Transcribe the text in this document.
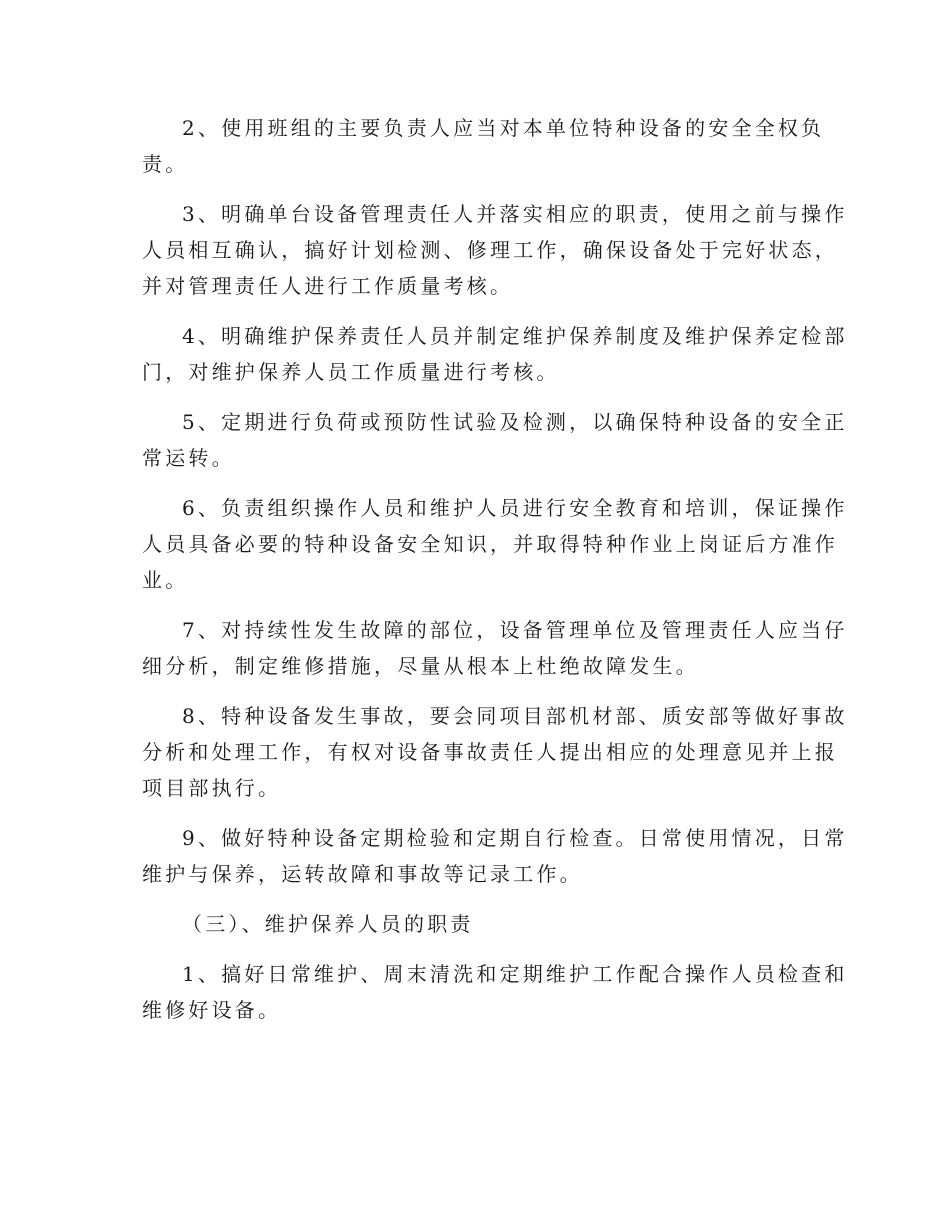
2、使用班组的主要负责人应当对本单位特种设备的安全全权负
责。

3、明确单台设备管理责任人并落实相应的职责，使用之前与操作
人员相互确认，搞好计划检测、修理工作，确保设备处于完好状态，
并对管理责任人进行工作质量考核。

4、明确维护保养责任人员并制定维护保养制度及维护保养定检部
门，对维护保养人员工作质量进行考核。

5、定期进行负荷或预防性试验及检测，以确保特种设备的安全正
常运转。

6、负责组织操作人员和维护人员进行安全教育和培训，保证操作
人员具备必要的特种设备安全知识，并取得特种作业上岗证后方准作
业。

7、对持续性发生故障的部位，设备管理单位及管理责任人应当仔
细分析，制定维修措施，尽量从根本上杜绝故障发生。

8、特种设备发生事故，要会同项目部机材部、质安部等做好事故
分析和处理工作，有权对设备事故责任人提出相应的处理意见并上报
项目部执行。

9、做好特种设备定期检验和定期自行检查。日常使用情况，日常
维护与保养，运转故障和事故等记录工作。

（三）、维护保养人员的职责

1、搞好日常维护、周末清洗和定期维护工作配合操作人员检查和
维修好设备。
